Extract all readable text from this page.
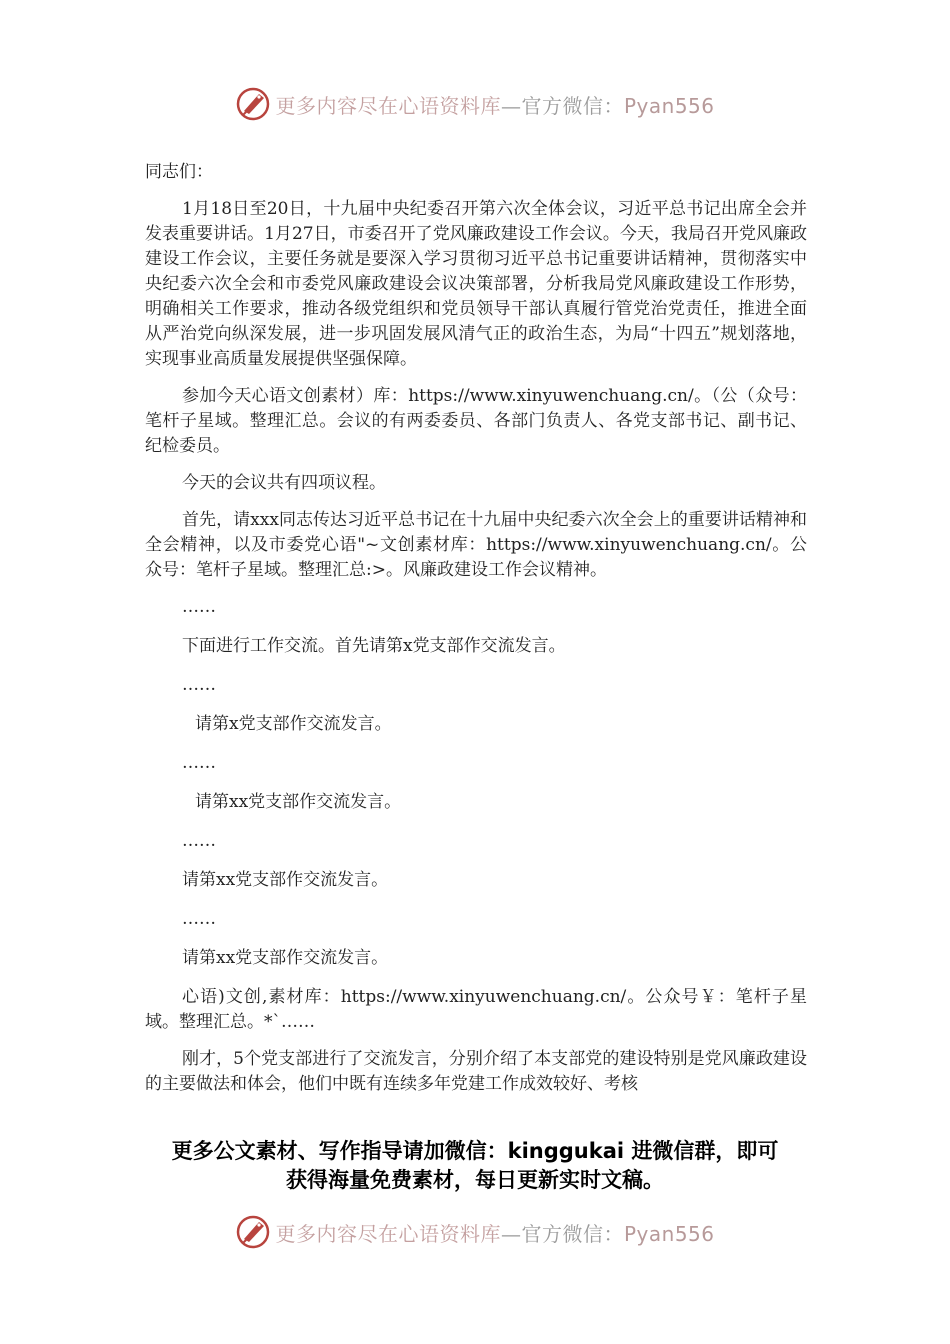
更多内容尽在心语资料库—官方微信：Pyan556

同志们：

1月18日至20日，十九届中央纪委召开第六次全体会议，习近平总书记出席全会并发表重要讲话。1月27日，市委召开了党风廉政建设工作会议。今天，我局召开党风廉政建设工作会议，主要任务就是要深入学习贯彻习近平总书记重要讲话精神，贯彻落实中央纪委六次全会和市委党风廉政建设会议决策部署，分析我局党风廉政建设工作形势，明确相关工作要求，推动各级党组织和党员领导干部认真履行管党治党责任，推进全面从严治党向纵深发展，进一步巩固发展风清气正的政治生态，为局“十四五”规划落地，实现事业高质量发展提供坚强保障。

参加今天心语文创素材）库：https://www.xinyuwenchuang.cn/。（公（众号：笔杆子星域。整理汇总。会议的有两委委员、各部门负责人、各党支部书记、副书记、纪检委员。

今天的会议共有四项议程。

首先，请xxx同志传达习近平总书记在十九届中央纪委六次全会上的重要讲话精神和全会精神，以及市委党心语"~文创素材库：https://www.xinyuwenchuang.cn/。公众号：笔杆子星域。整理汇总:>。风廉政建设工作会议精神。

……

下面进行工作交流。首先请第x党支部作交流发言。

……

请第x党支部作交流发言。

……

请第xx党支部作交流发言。

……

请第xx党支部作交流发言。

……

请第xx党支部作交流发言。

心语)文创,素材库：https://www.xinyuwenchuang.cn/。公众号￥：笔杆子星域。整理汇总。*`……

刚才，5个党支部进行了交流发言，分别介绍了本支部党的建设特别是党风廉政建设的主要做法和体会，他们中既有连续多年党建工作成效较好、考核

更多公文素材、写作指导请加微信：kinggukai 进微信群，即可
获得海量免费素材，每日更新实时文稿。
更多内容尽在心语资料库—官方微信：Pyan556
